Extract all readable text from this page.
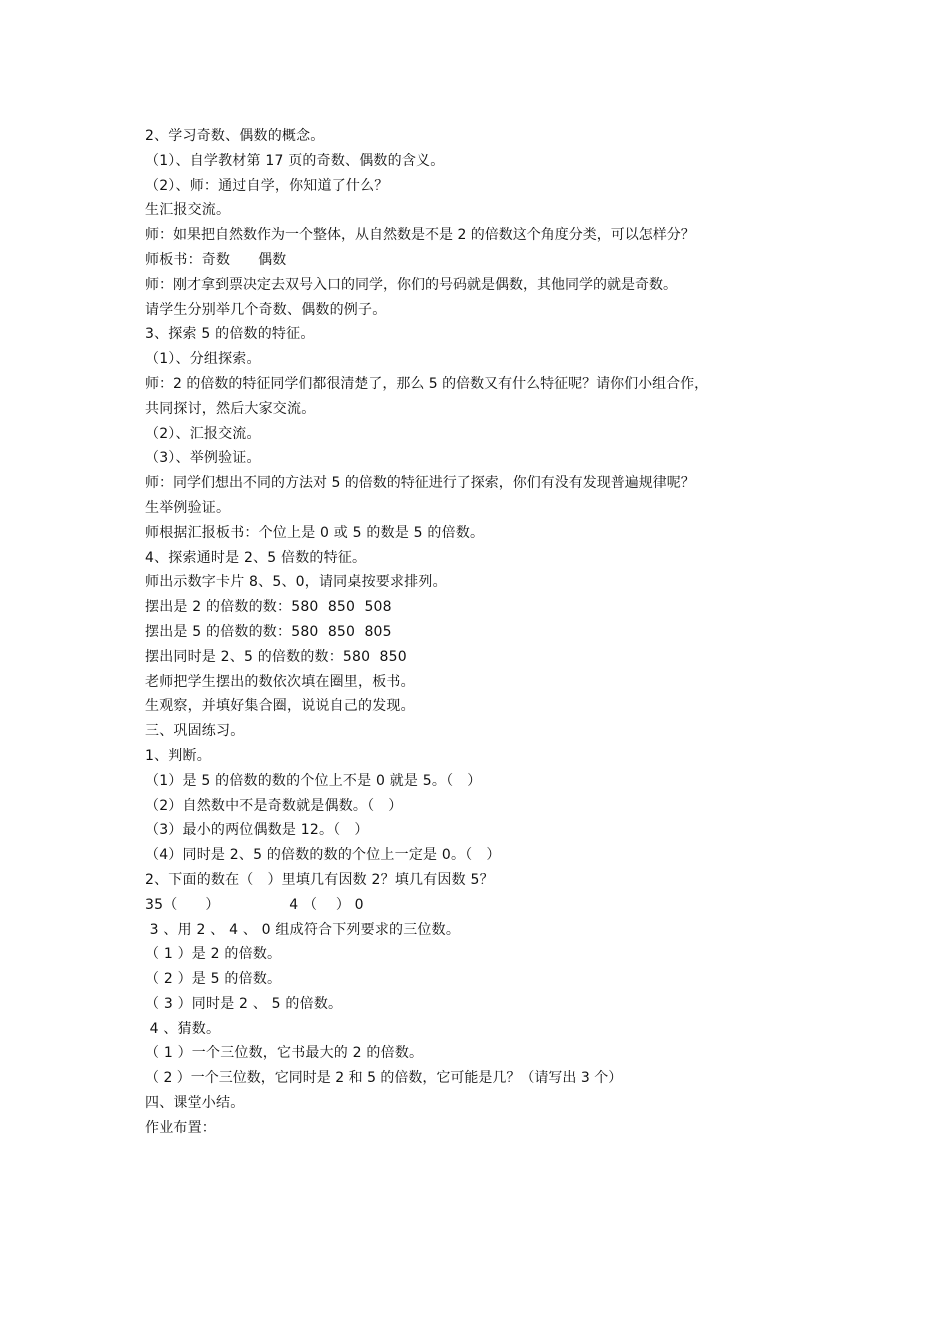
2、学习奇数、偶数的概念。
（1）、自学教材第 17 页的奇数、偶数的含义。
（2）、师：通过自学，你知道了什么？
生汇报交流。
师：如果把自然数作为一个整体，从自然数是不是 2 的倍数这个角度分类，可以怎样分？
师板书：奇数      偶数
师：刚才拿到票决定去双号入口的同学，你们的号码就是偶数，其他同学的就是奇数。
请学生分别举几个奇数、偶数的例子。
3、探索 5 的倍数的特征。
（1）、分组探索。
师：2 的倍数的特征同学们都很清楚了，那么 5 的倍数又有什么特征呢？请你们小组合作，
共同探讨，然后大家交流。
（2）、汇报交流。
（3）、举例验证。
师：同学们想出不同的方法对 5 的倍数的特征进行了探索，你们有没有发现普遍规律呢？
生举例验证。
师根据汇报板书：个位上是 0 或 5 的数是 5 的倍数。
4、探索通时是 2、5 倍数的特征。
师出示数字卡片 8、5、0，请同桌按要求排列。
摆出是 2 的倍数的数：580  850  508
摆出是 5 的倍数的数：580  850  805
摆出同时是 2、5 的倍数的数：580  850
老师把学生摆出的数依次填在圈里，板书。
生观察，并填好集合圈，说说自己的发现。
三、巩固练习。
1、判断。
（1）是 5 的倍数的数的个位上不是 0 就是 5。（   ）
（2）自然数中不是奇数就是偶数。（   ）
（3）最小的两位偶数是 12。（   ）
（4）同时是 2、5 的倍数的数的个位上一定是 0。（   ）
2、下面的数在（   ）里填几有因数 2？填几有因数 5？
35（      ）               4 （    ） 0
3 、用 2 、 4 、 0 组成符合下列要求的三位数。
（ 1 ）是 2 的倍数。
（ 2 ）是 5 的倍数。
（ 3 ）同时是 2 、 5 的倍数。
4 、猜数。
（ 1 ）一个三位数，它书最大的 2 的倍数。
（ 2 ）一个三位数，它同时是 2 和 5 的倍数，它可能是几？（请写出 3 个）
四、课堂小结。
作业布置：
